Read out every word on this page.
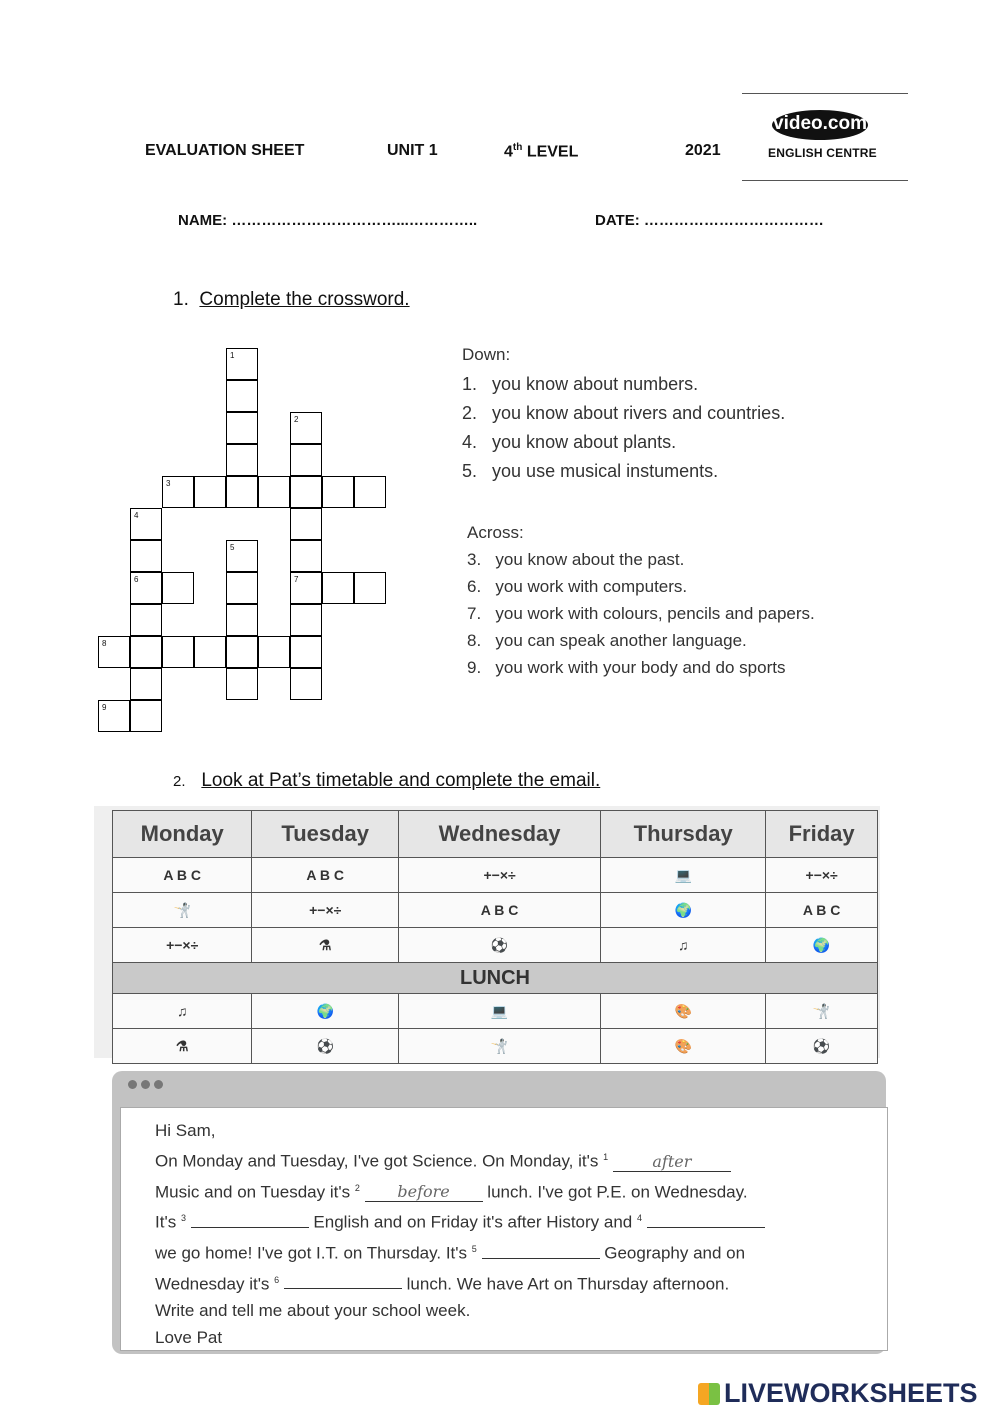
EVALUATION SHEET	UNIT 1	4th LEVEL	2021
video.com
ENGLISH CENTRE
NAME: ……………………………...…………..	DATE: ………………………………
1. Complete the crossword.
1
2
3
4
5
6	7
8
9
Down:
1. you know about numbers.
2. you know about rivers and countries.
4. you know about plants.
5. you use musical instuments.
Across:
3. you know about the past.
6. you work with computers.
7. you work with colours, pencils and papers.
8. you can speak another language.
9. you work with your body and do sports
2. Look at Pat’s timetable and complete the email.
Monday	Tuesday	Wednesday	Thursday	Friday
A B C	A B C	+−×÷	💻	+−×÷
🤺	+−×÷	A B C	🌍	A B C
+−×÷	⚗	⚽	♫	🌍
LUNCH				
♫	🌍	💻	🎨	🤺
⚗	⚽	🤺	🎨	⚽
Hi Sam,
On Monday and Tuesday, I've got Science. On Monday, it's $^1$	after
Music and on Tuesday it's $^2$ before lunch. I've got P.E. on Wednesday.
It's $^3$	English and on Friday it's after History and $^4$
we go home! I've got I.T. on Thursday. It's $^5$	Geography and on
Wednesday it's $^6$	lunch. We have Art on Thursday afternoon.
Write and tell me about your school week.
Love Pat
LIVEWORKSHEETS
